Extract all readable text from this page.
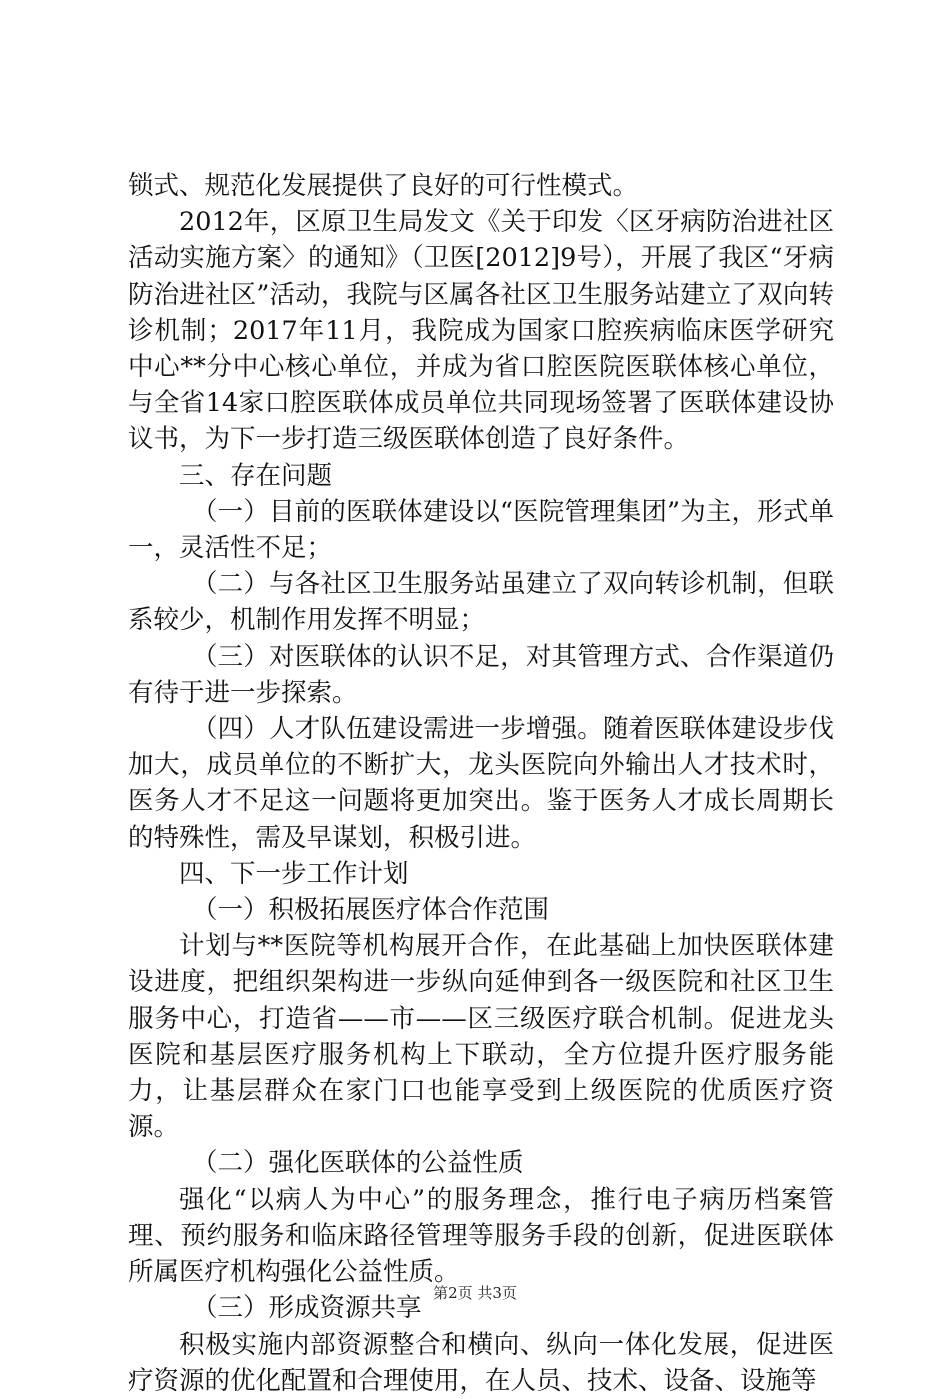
锁式、规范化发展提供了良好的可行性模式。

2012年，区原卫生局发文《关于印发〈区牙病防治进社区活动实施方案〉的通知》（卫医[2012]9号），开展了我区“牙病防治进社区”活动，我院与区属各社区卫生服务站建立了双向转诊机制；2017年11月，我院成为国家口腔疾病临床医学研究中心**分中心核心单位，并成为省口腔医院医联体核心单位，与全省14家口腔医联体成员单位共同现场签署了医联体建设协议书，为下一步打造三级医联体创造了良好条件。

三、存在问题

（一）目前的医联体建设以“医院管理集团”为主，形式单一，灵活性不足；

（二）与各社区卫生服务站虽建立了双向转诊机制，但联系较少，机制作用发挥不明显；

（三）对医联体的认识不足，对其管理方式、合作渠道仍有待于进一步探索。

（四）人才队伍建设需进一步增强。随着医联体建设步伐加大，成员单位的不断扩大，龙头医院向外输出人才技术时，医务人才不足这一问题将更加突出。鉴于医务人才成长周期长的特殊性，需及早谋划，积极引进。

四、下一步工作计划

（一）积极拓展医疗体合作范围

计划与**医院等机构展开合作，在此基础上加快医联体建设进度，把组织架构进一步纵向延伸到各一级医院和社区卫生服务中心，打造省——市——区三级医疗联合机制。促进龙头医院和基层医疗服务机构上下联动，全方位提升医疗服务能力，让基层群众在家门口也能享受到上级医院的优质医疗资源。

（二）强化医联体的公益性质

强化“以病人为中心”的服务理念，推行电子病历档案管理、预约服务和临床路径管理等服务手段的创新，促进医联体所属医疗机构强化公益性质。

（三）形成资源共享

积极实施内部资源整合和横向、纵向一体化发展，促进医疗资源的优化配置和合理使用，在人员、技术、设备、设施等

第2页 共3页
